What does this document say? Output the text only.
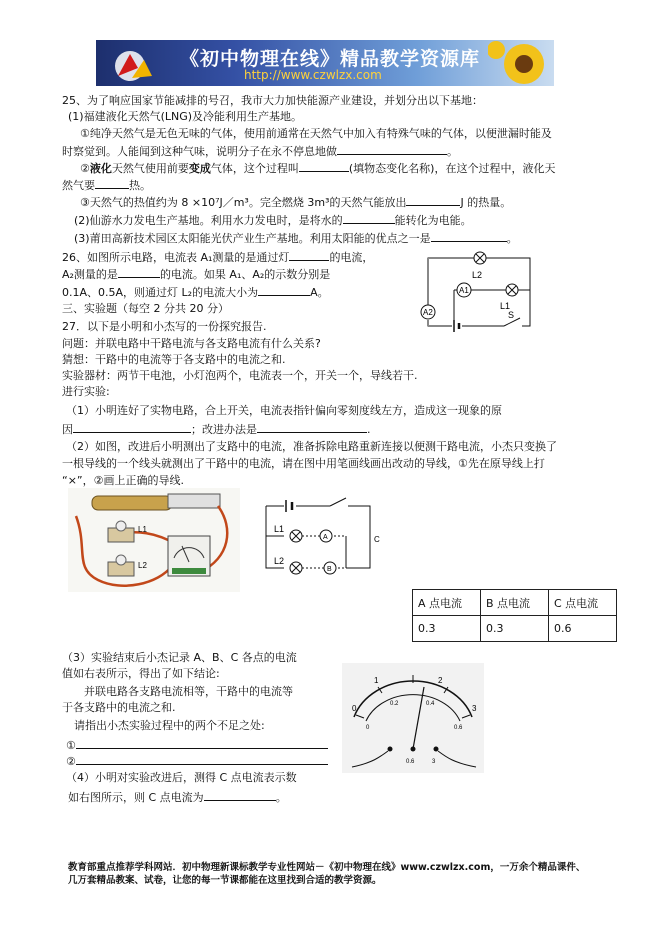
《初中物理在线》精品教学资源库
http://www.czwlzx.com
25、为了响应国家节能减排的号召，我市大力加快能源产业建设，并划分出以下基地：
(1)福建液化天然气(LNG)及冷能利用生产基地。
①纯净天然气是无色无味的气体，使用前通常在天然气中加入有特殊气味的气体，以便泄漏时能及
时察觉到。人能闻到这种气味，说明分子在永不停息地做	。
②液化天然气使用前要变成气体，这个过程叫	(填物态变化名称)，在这个过程中，液化天
然气要	热。
③天然气的热值约为 8 ×10⁷J／m³。完全燃烧 3m³的天然气能放出	J 的热量。
(2)仙游水力发电生产基地。利用水力发电时，是将水的	能转化为电能。
(3)莆田高新技术园区太阳能光伏产业生产基地。利用太阳能的优点之一是	。
26、如图所示电路，电流表 A₁测量的是通过灯	的电流，
A₂测量的是	的电流。如果 A₁、A₂的示数分别是
0.1A、0.5A，则通过灯 L₂的电流大小为	A。
L2
A1
L1
A2	S
三、实验题（每空 2 分共 20 分）
27．以下是小明和小杰写的一份探究报告.
问题：并联电路中干路电流与各支路电流有什么关系?
猜想：干路中的电流等于各支路中的电流之和.
实验器材：两节干电池，小灯泡两个，电流表一个，开关一个，导线若干.
进行实验:
（1）小明连好了实物电路，合上开关，电流表指针偏向零刻度线左方，造成这一现象的原
因	；改进办法是	.
（2）如图，改进后小明测出了支路中的电流，准备拆除电路重新连接以便测干路电流，小杰只变换了
一根导线的一个线头就测出了干路中的电流，请在图中用笔画线画出改动的导线，①先在原导线上打
“×”，②画上正确的导线.
L1
L2
L1
A
L2
B
C
A 点电流	B 点电流	C 点电流
0.3	0.3	0.6
（3）实验结束后小杰记录 A、B、C 各点的电流
值如右表所示，得出了如下结论:
并联电路各支路电流相等，干路中的电流等
于各支路中的电流之和.
请指出小杰实验过程中的两个不足之处:
①
②
（4）小明对实验改进后，测得 C 点电流表示数
如右图所示，则 C 点电流为	。
0
1	2
3
0
0.2	0.4
0.6
0.6	3
教育部重点推荐学科网站．初中物理新课标教学专业性网站－《初中物理在线》www.czwlzx.com，一万余个精品课件、
几万套精品教案、试卷，让您的每一节课都能在这里找到合适的教学资源。
